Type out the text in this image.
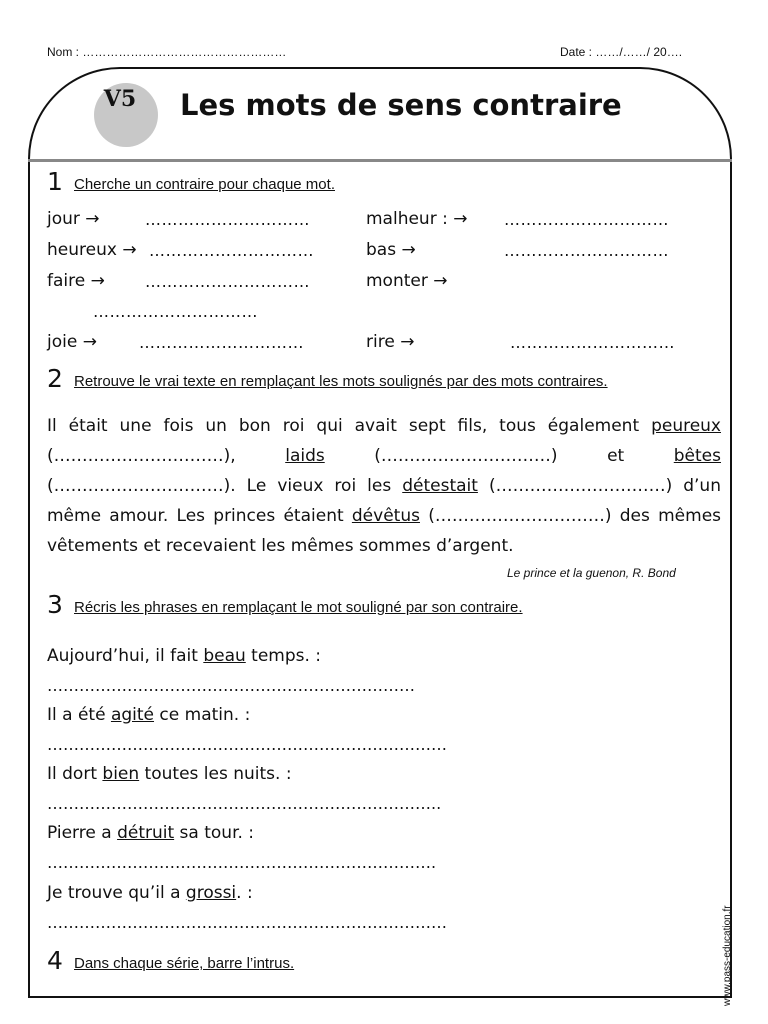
Nom : ……………………………………………	Date : ……/……/ 20….
V5	Les mots de sens contraire
1 Cherche un contraire pour chaque mot.
jour →	…………………………	malheur : → …………………………
heureux → …………………………	bas →	…………………………
faire →	…………………………	monter →
…………………………
joie →	…………………………	rire →	…………………………
2 Retrouve le vrai texte en remplaçant les mots soulignés par des mots contraires.
Il était une fois un bon roi qui avait sept fils, tous également peureux (…………………………), laids	(…………………………) et bêtes (…………………………). Le vieux roi les détestait (…………………………) d’un même amour. Les princes étaient dévêtus (…………………………) des mêmes vêtements et recevaient les mêmes sommes d’argent.
Le prince et la guenon, R. Bond
3 Récris les phrases en remplaçant le mot souligné par son contraire.
Aujourd’hui, il fait beau temps. :
……………………………………………………………
Il a été agité ce matin. :
…………………………………………………………………
Il dort bien toutes les nuits. :
………………………………………………………………..
Pierre a détruit sa tour. :
……………………………………………………………….
Je trouve qu’il a grossi. :
…………………………………………………………………
4 Dans chaque série, barre l’intrus.	www.pass-education.fr
